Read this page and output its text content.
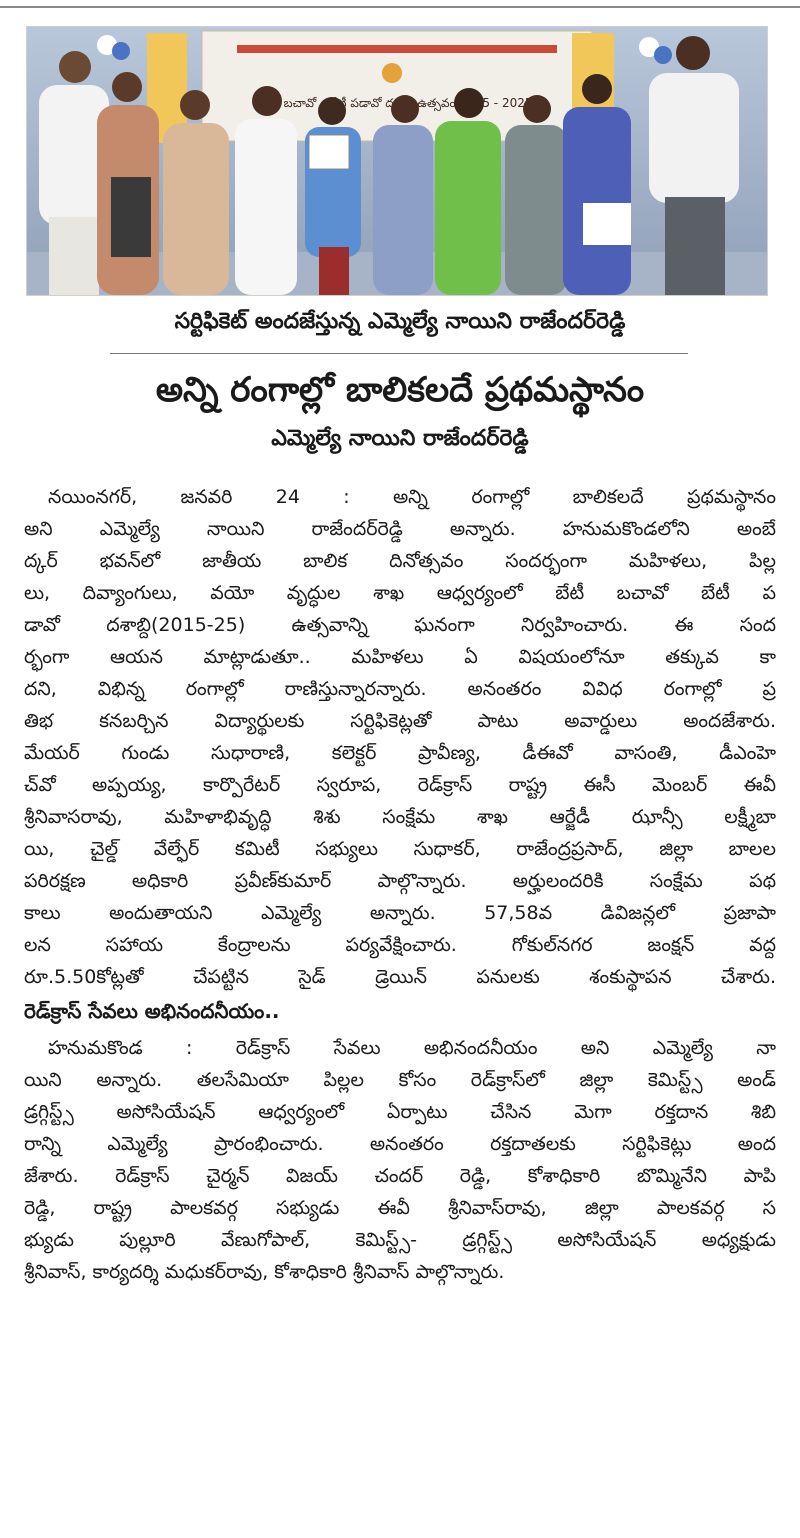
బచావో పడావో ఉత్సవం - 2025
సర్టిఫికెట్ అందజేస్తున్న ఎమ్మెల్యే నాయిని రాజేందర్‌రెడ్డి
అన్ని రంగాల్లో బాలికలదే ప్రథమస్థానం
ఎమ్మెల్యే నాయిని రాజేందర్‌రెడ్డి
నయింనగర్, జనవరి 24 : అన్ని రంగాల్లో బాలికలదే ప్రథమస్థానం
అని ఎమ్మెల్యే నాయిని రాజేందర్‌రెడ్డి అన్నారు. హనుమకొండలోని అంబే
ద్కర్ భవన్‌లో జాతీయ బాలిక దినోత్సవం సందర్భంగా మహిళలు, పిల్ల
లు, దివ్యాంగులు, వయో వృద్ధుల శాఖ ఆధ్వర్యంలో బేటీ బచావో బేటీ ప
డావో దశాబ్ది(2015-25) ఉత్సవాన్ని ఘనంగా నిర్వహించారు. ఈ సంద
ర్భంగా ఆయన మాట్లాడుతూ.. మహిళలు ఏ విషయంలోనూ తక్కువ కా
దని, విభిన్న రంగాల్లో రాణిస్తున్నారన్నారు. అనంతరం వివిధ రంగాల్లో ప్ర
తిభ కనబర్చిన విద్యార్థులకు సర్టిఫికెట్లతో పాటు అవార్డులు అందజేశారు.
మేయర్ గుండు సుధారాణి, కలెక్టర్ ప్రావీణ్య, డీఈవో వాసంతి, డీఎంహె
చ్‌వో అప్పయ్య, కార్పొరేటర్ స్వరూప, రెడ్‌క్రాస్ రాష్ట్ర ఈసీ మెంబర్ ఈవీ
శ్రీనివాసరావు, మహిళాభివృద్ధి శిశు సంక్షేమ శాఖ ఆర్జేడీ ఝాన్సీ లక్ష్మీబా
యి, చైల్డ్ వేల్ఫేర్ కమిటీ సభ్యులు సుధాకర్, రాజేంద్రప్రసాద్, జిల్లా బాలల
పరిరక్షణ అధికారి ప్రవీణ్‌కుమార్ పాల్గొన్నారు. అర్హులందరికి సంక్షేమ పథ
కాలు అందుతాయని ఎమ్మెల్యే అన్నారు. 57,58వ డివిజన్లలో ప్రజాపా
లన సహాయ కేంద్రాలను పర్యవేక్షించారు. గోకుల్‌నగర జంక్షన్ వద్ద
రూ.5.50కోట్లతో చేపట్టిన సైడ్ డ్రెయిన్ పనులకు శంకుస్థాపన చేశారు.
రెడ్‌క్రాస్ సేవలు అభినందనీయం..
హనుమకొండ : రెడ్‌క్రాస్ సేవలు అభినందనీయం అని ఎమ్మెల్యే నా
యిని అన్నారు. తలసేమియా పిల్లల కోసం రెడ్‌క్రాస్‌లో జిల్లా కెమిస్ట్స్ అండ్
డ్రగ్గిస్ట్స్ అసోసియేషన్ ఆధ్వర్యంలో ఏర్పాటు చేసిన మెగా రక్తదాన శిబి
రాన్ని ఎమ్మెల్యే ప్రారంభించారు. అనంతరం రక్తదాతలకు సర్టిఫికెట్లు అంద
జేశారు. రెడ్‌క్రాస్ చైర్మన్ విజయ్ చందర్ రెడ్డి, కోశాధికారి బొమ్మినేని పాపి
రెడ్డి, రాష్ట్ర పాలకవర్గ సభ్యుడు ఈవీ శ్రీనివాస్‌రావు, జిల్లా పాలకవర్గ స
భ్యుడు పుల్లూరి వేణుగోపాల్, కెమిస్ట్స్- డ్రగ్గిస్ట్స్ అసోసియేషన్ అధ్యక్షుడు
శ్రీనివాస్, కార్యదర్శి మధుకర్‌రావు, కోశాధికారి శ్రీనివాస్ పాల్గొన్నారు.
